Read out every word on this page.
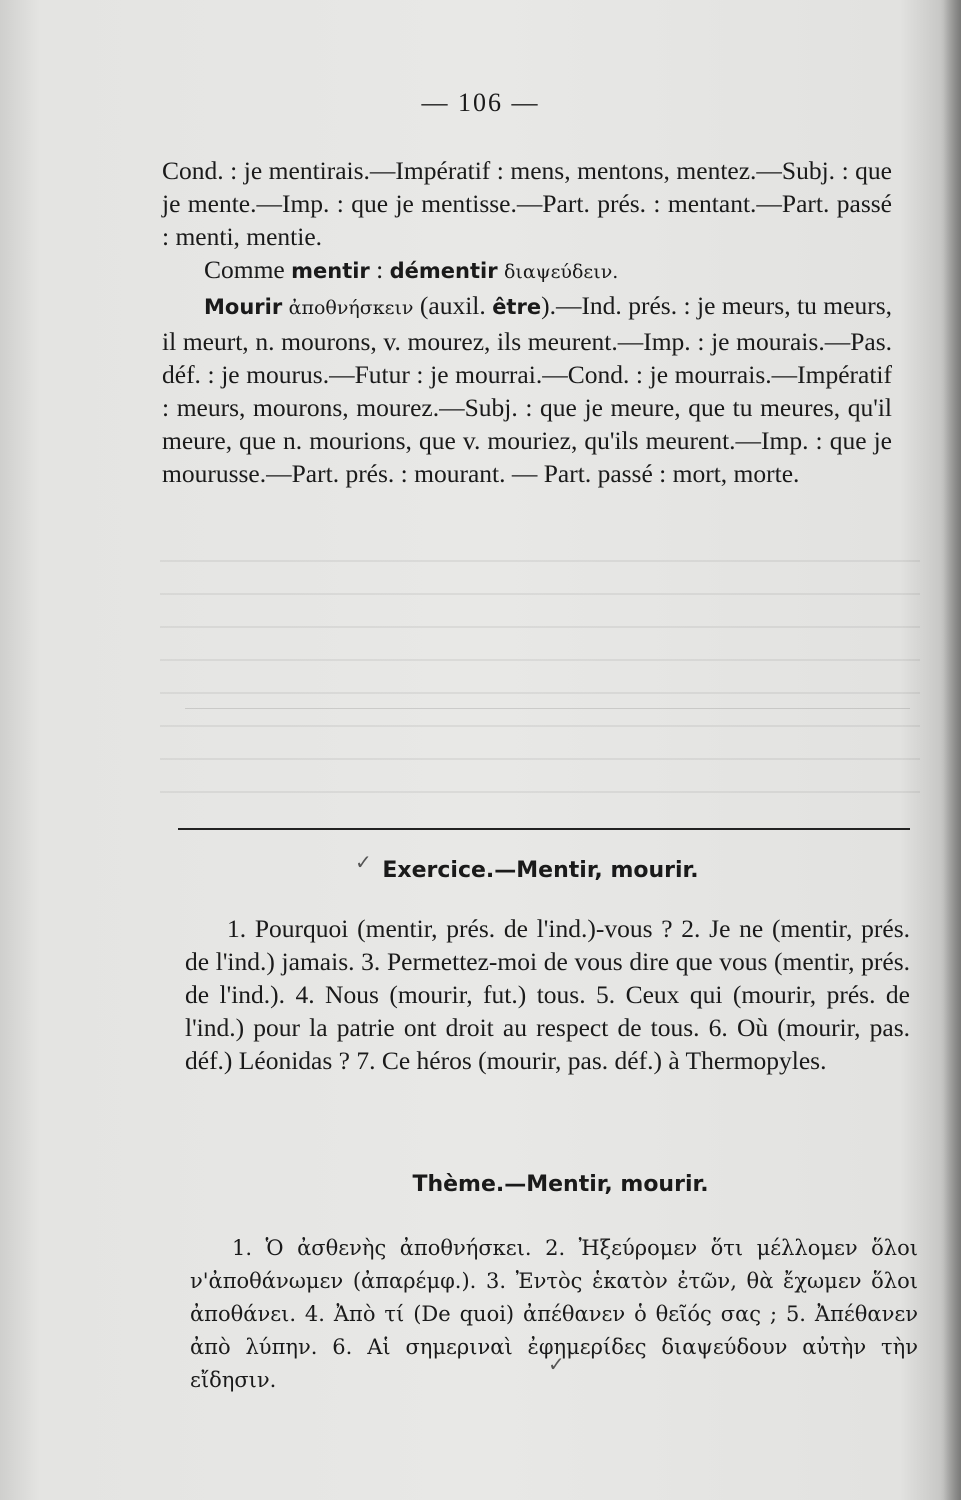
— 106 —

Cond. : je mentirais.—Impératif : mens, mentons, mentez.—Subj. : que je mente.—Imp. : que je mentisse.—Part. prés. : mentant.—Part. passé : menti, mentie.

Comme mentir : démentir διαψεύδειν.

Mourir ἀποθνήσκειν (auxil. être).—Ind. prés. : je meurs, tu meurs, il meurt, n. mourons, v. mourez, ils meurent.—Imp. : je mourais.—Pas. déf. : je mourus.—Futur : je mourrai.—Cond. : je mourrais.—Impératif : meurs, mourons, mourez.—Subj. : que je meure, que tu meures, qu'il meure, que n. mourions, que v. mouriez, qu'ils meurent.—Imp. : que je mourusse.—Part. prés. : mourant. — Part. passé : mort, morte.

Exercice.—Mentir, mourir.
1. Pourquoi (mentir, prés. de l'ind.)-vous ? 2. Je ne (mentir, prés. de l'ind.) jamais. 3. Permettez-moi de vous dire que vous (mentir, prés. de l'ind.). 4. Nous (mourir, fut.) tous. 5. Ceux qui (mourir, prés. de l'ind.) pour la patrie ont droit au respect de tous. 6. Où (mourir, pas. déf.) Léonidas ? 7. Ce héros (mourir, pas. déf.) à Thermopyles.
Thème.—Mentir, mourir.
1. Ὁ ἀσθενὴς ἀποθνήσκει. 2. Ἠξεύρομεν ὅτι μέλλομεν ὅλοι ν'ἀποθάνωμεν (ἀπαρέμφ.). 3. Ἐντὸς ἑκατὸν ἐτῶν, θὰ ἔχωμεν ὅλοι ἀποθάνει. 4. Ἀπὸ τί (De quoi) ἀπέθανεν ὁ θεῖός σας ; 5. Ἀπέθανεν ἀπὸ λύπην. 6. Αἱ σημεριναὶ ἐφημερίδες διαψεύδουν αὐτὴν τὴν εἴδησιν.
✓
✓
